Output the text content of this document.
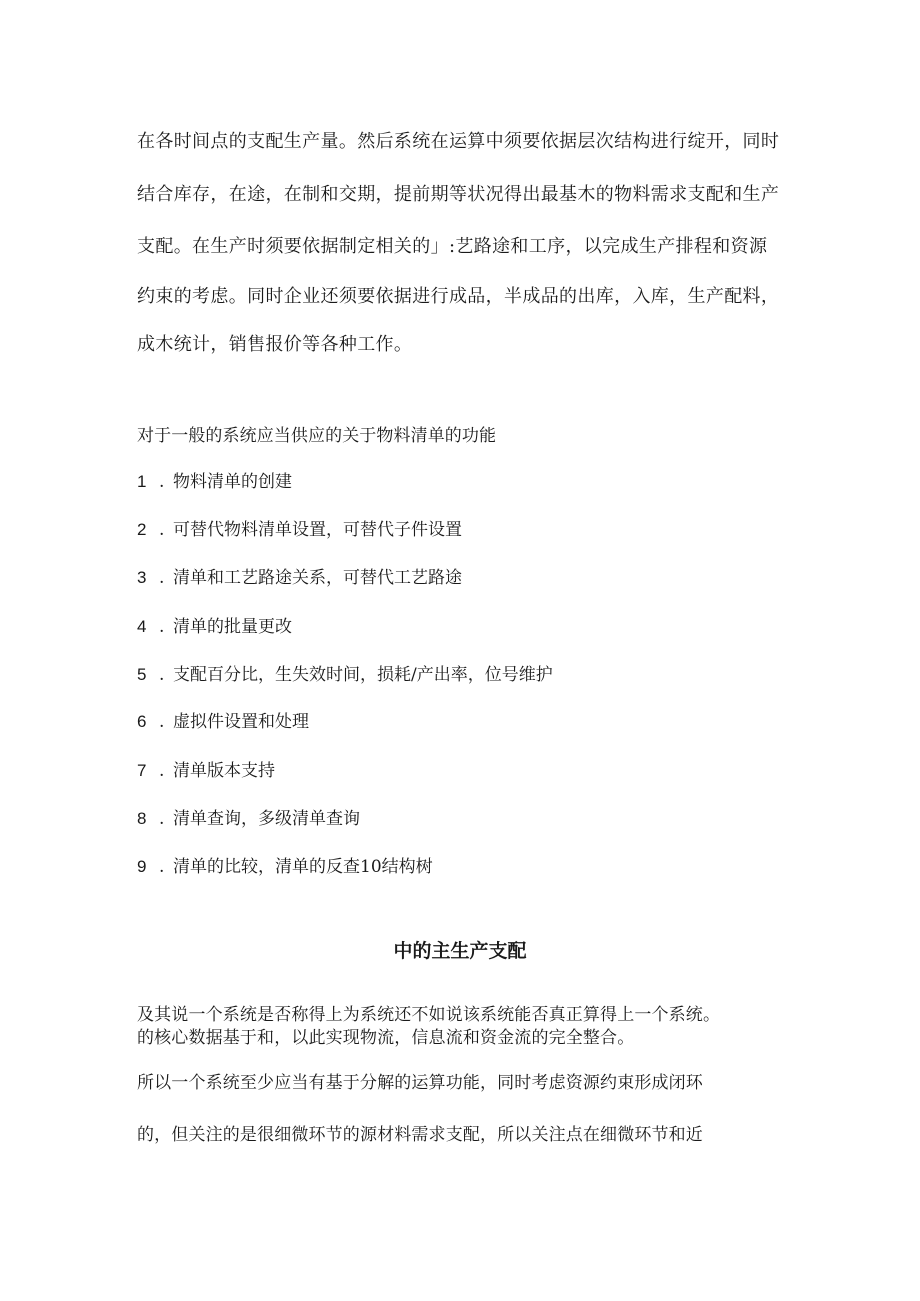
在各时间点的支配生产量。然后系统在运算中须要依据层次结构进行绽开，同时
结合库存，在途，在制和交期，提前期等状况得出最基木的物料需求支配和生产
支配。在生产时须要依据制定相关的」:艺路途和工序，以完成生产排程和资源
约束的考虑。同时企业还须要依据进行成品，半成品的出库，入库，生产配料，
成木统计，销售报价等各种工作。
对于一般的系统应当供应的关于物料清单的功能
1 . 物料清单的创建
2 . 可替代物料清单设置，可替代子件设置
3 . 清单和工艺路途关系，可替代工艺路途
4 . 清单的批量更改
5 . 支配百分比，生失效时间，损耗/产出率，位号维护
6 . 虚拟件设置和处理
7 . 清单版本支持
8 . 清单查询，多级清单查询
9 . 清单的比较，清单的反查10结构树
中的主生产支配
及其说一个系统是否称得上为系统还不如说该系统能否真正算得上一个系统。
的核心数据基于和，以此实现物流，信息流和资金流的完全整合。
所以一个系统至少应当有基于分解的运算功能，同时考虑资源约束形成闭环
的，但关注的是很细微环节的源材料需求支配，所以关注点在细微环节和近
